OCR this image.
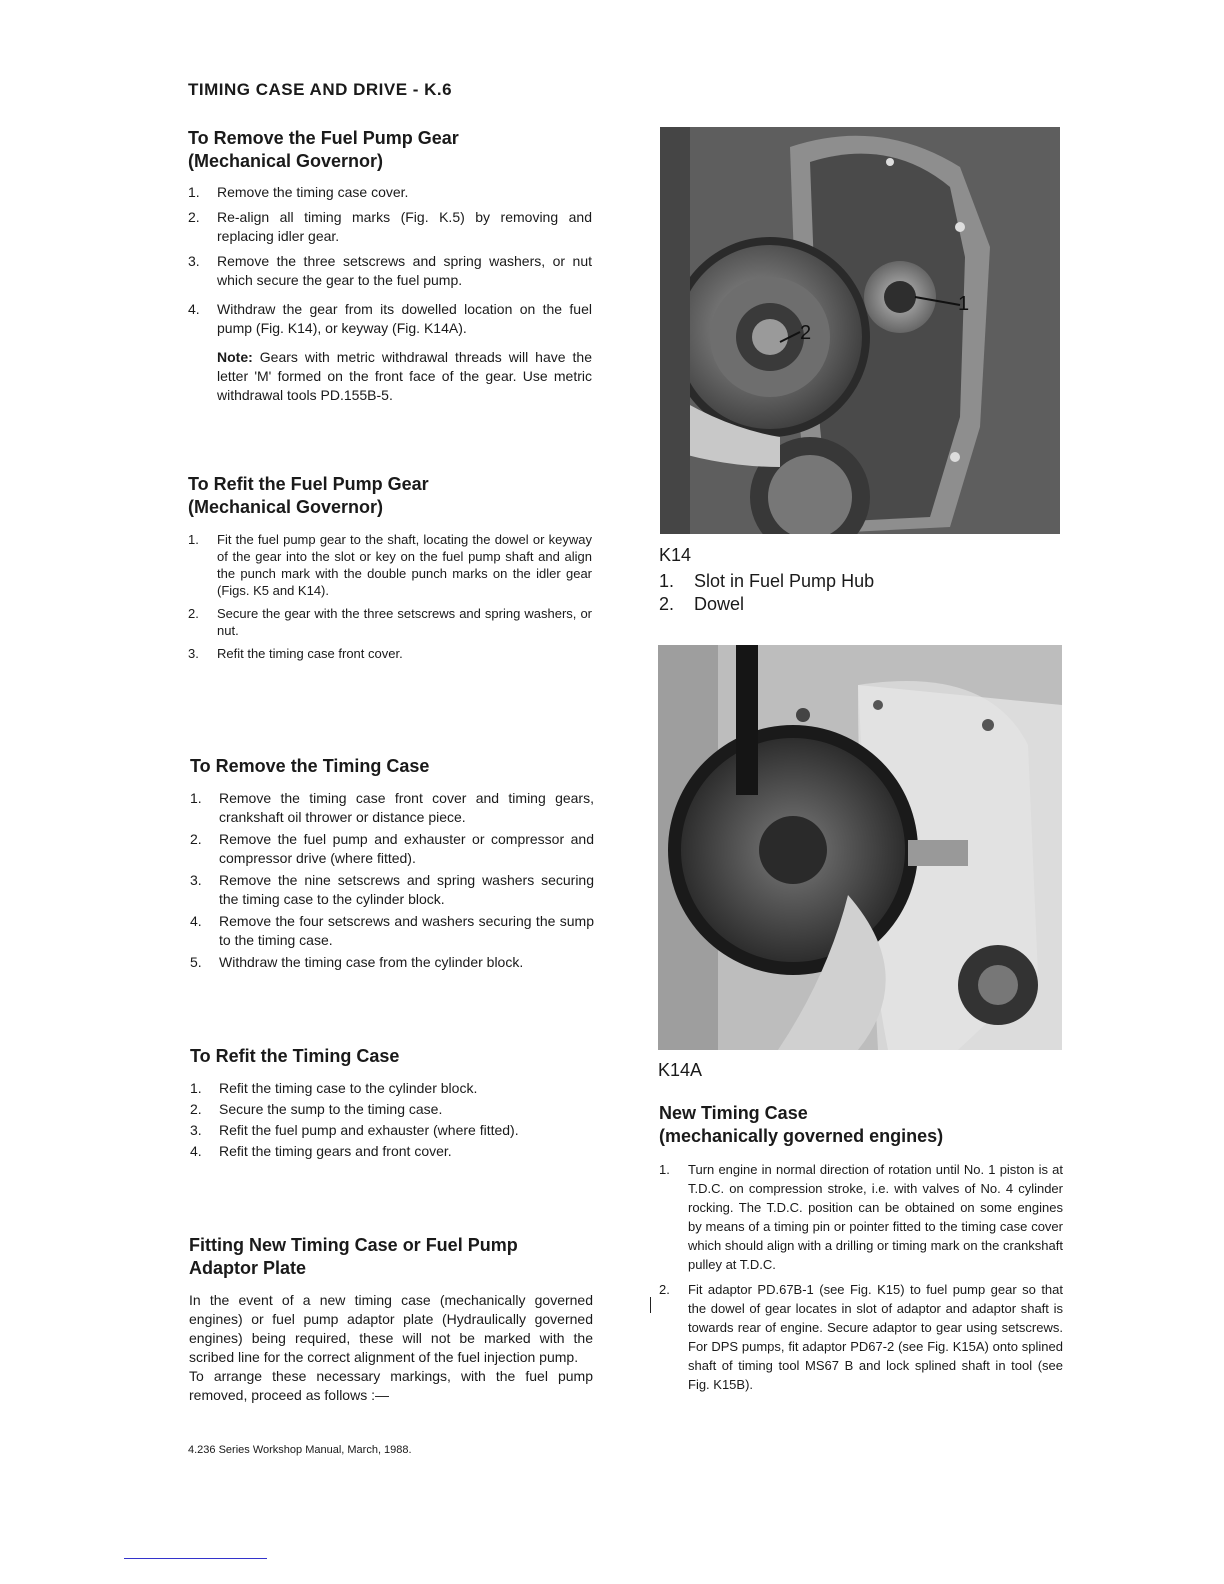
TIMING CASE AND DRIVE - K.6
To Remove the Fuel Pump Gear
(Mechanical Governor)
1.	Remove the timing case cover.
2.	Re-align all timing marks (Fig. K.5) by removing and replacing idler gear.
3.	Remove the three setscrews and spring washers, or nut which secure the gear to the fuel pump.
4.	Withdraw the gear from its dowelled location on the fuel pump (Fig. K14), or keyway (Fig. K14A).
Note: Gears with metric withdrawal threads will have the letter 'M' formed on the front face of the gear. Use metric withdrawal tools PD.155B-5.
To Refit the Fuel Pump Gear
(Mechanical Governor)
1.	Fit the fuel pump gear to the shaft, locating the dowel or keyway of the gear into the slot or key on the fuel pump shaft and align the punch mark with the double punch marks on the idler gear (Figs. K5 and K14).
2.	Secure the gear with the three setscrews and spring washers, or nut.
3.	Refit the timing case front cover.
To Remove the Timing Case
1.	Remove the timing case front cover and timing gears, crankshaft oil thrower or distance piece.
2.	Remove the fuel pump and exhauster or compressor and compressor drive (where fitted).
3.	Remove the nine setscrews and spring washers securing the timing case to the cylinder block.
4.	Remove the four setscrews and washers securing the sump to the timing case.
5.	Withdraw the timing case from the cylinder block.
To Refit the Timing Case
1.	Refit the timing case to the cylinder block.
2.	Secure the sump to the timing case.
3.	Refit the fuel pump and exhauster (where fitted).
4.	Refit the timing gears and front cover.
Fitting New Timing Case or Fuel Pump
Adaptor Plate
In the event of a new timing case (mechanically governed engines) or fuel pump adaptor plate (Hydraulically governed engines) being required, these will not be marked with the scribed line for the correct alignment of the fuel injection pump.
To arrange these necessary markings, with the fuel pump removed, proceed as follows :—
1
2
K14
1.	Slot in Fuel Pump Hub
2.	Dowel
K14A
New Timing Case
(mechanically governed engines)
1.	Turn engine in normal direction of rotation until No. 1 piston is at T.D.C. on compression stroke, i.e. with valves of No. 4 cylinder rocking. The T.D.C. position can be obtained on some engines by means of a timing pin or pointer fitted to the timing case cover which should align with a drilling or timing mark on the crankshaft pulley at T.D.C.
2.	Fit adaptor PD.67B-1 (see Fig. K15) to fuel pump gear so that the dowel of gear locates in slot of adaptor and adaptor shaft is towards rear of engine. Secure adaptor to gear using setscrews. For DPS pumps, fit adaptor PD67-2 (see Fig. K15A) onto splined shaft of timing tool MS67 B and lock splined shaft in tool (see Fig. K15B).
4.236 Series Workshop Manual, March, 1988.
